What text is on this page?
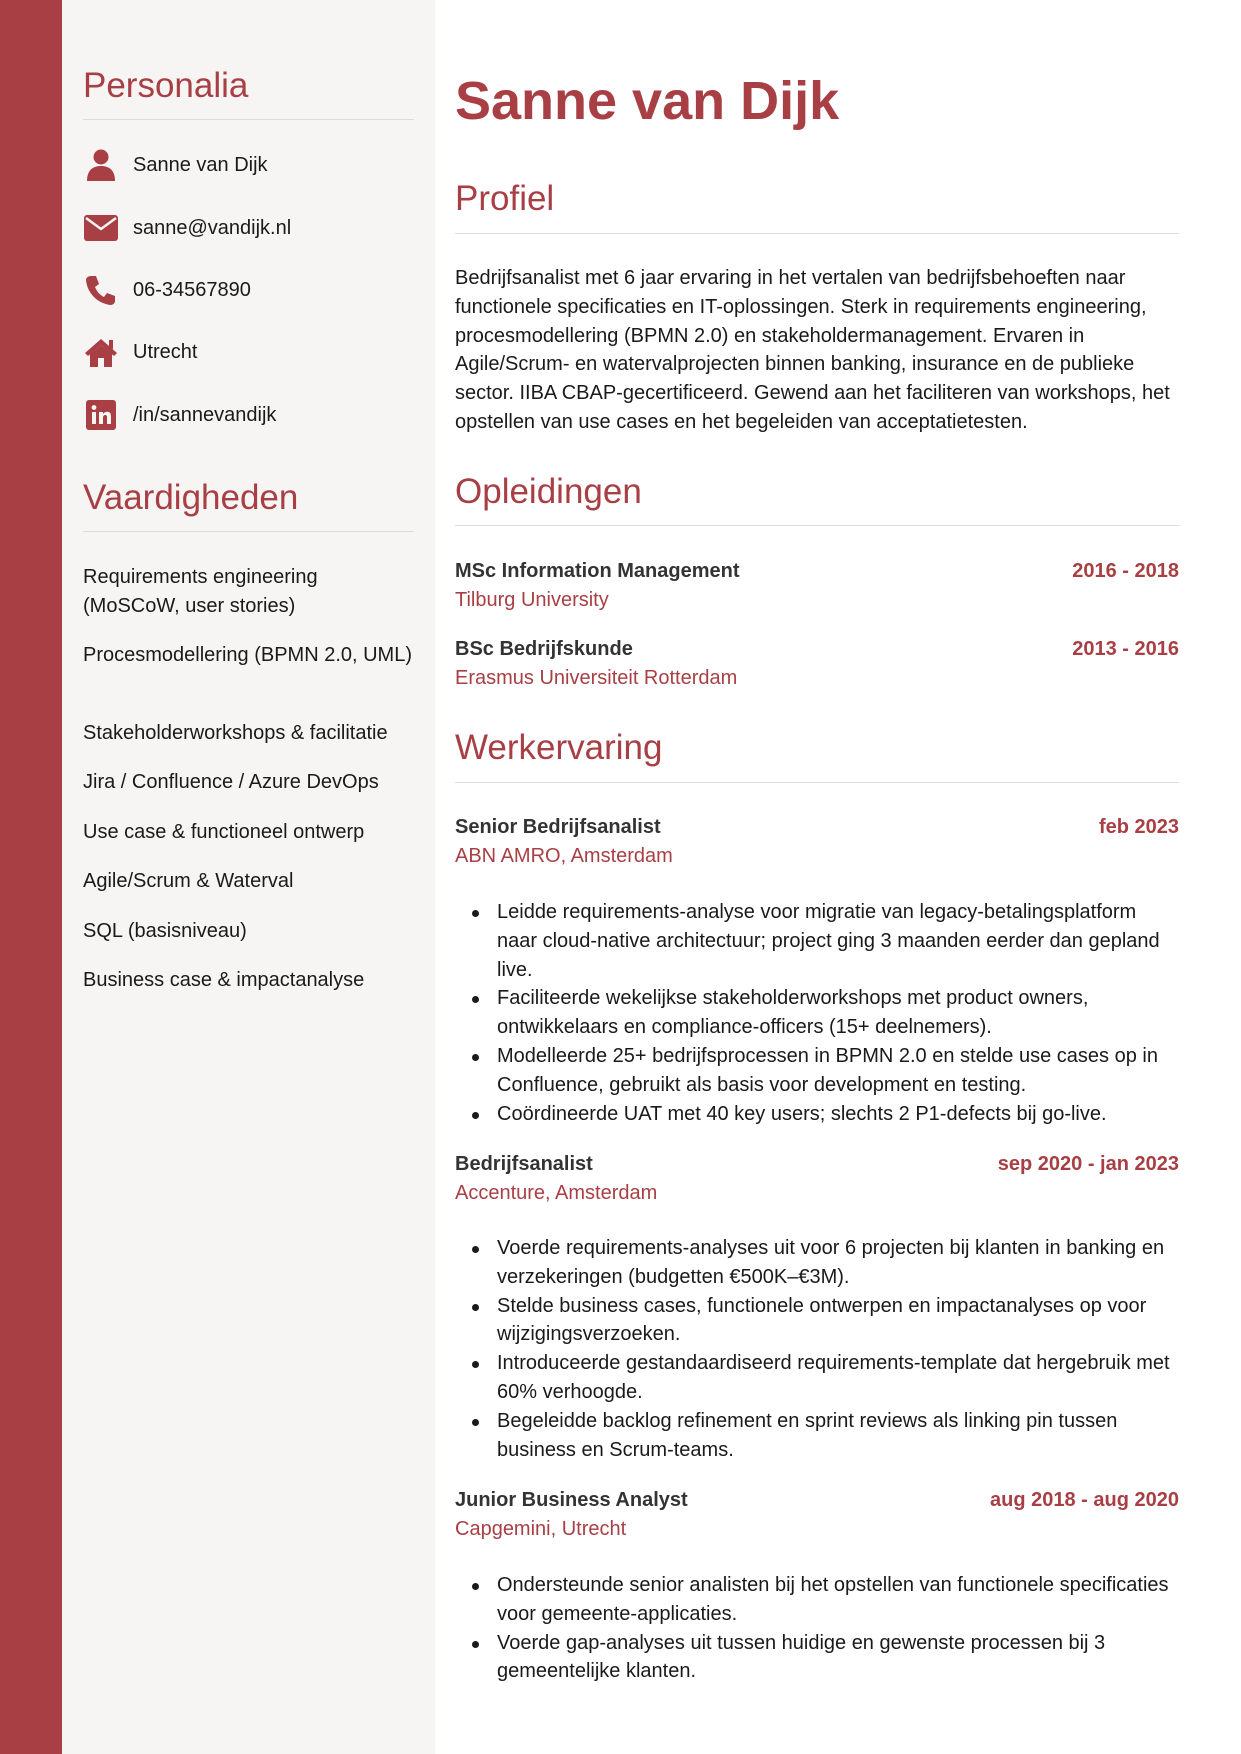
Personalia
Sanne van Dijk
sanne@vandijk.nl
06-34567890
Utrecht
/in/sannevandijk
Vaardigheden
Requirements engineering (MoSCoW, user stories)
Procesmodellering (BPMN 2.0, UML)
Stakeholderworkshops & facilitatie
Jira / Confluence / Azure DevOps
Use case & functioneel ontwerp
Agile/Scrum & Waterval
SQL (basisniveau)
Business case & impactanalyse
Sanne van Dijk
Profiel
Bedrijfsanalist met 6 jaar ervaring in het vertalen van bedrijfsbehoeften naar functionele specificaties en IT-oplossingen. Sterk in requirements engineering, procesmodellering (BPMN 2.0) en stakeholdermanagement. Ervaren in Agile/Scrum- en watervalprojecten binnen banking, insurance en de publieke sector. IIBA CBAP-gecertificeerd. Gewend aan het faciliteren van workshops, het opstellen van use cases en het begeleiden van acceptatietesten.
Opleidingen
MSc Information Management	2016 - 2018
Tilburg University
BSc Bedrijfskunde	2013 - 2016
Erasmus Universiteit Rotterdam
Werkervaring
Senior Bedrijfsanalist	feb 2023
ABN AMRO, Amsterdam
Leidde requirements-analyse voor migratie van legacy-betalingsplatform naar cloud-native architectuur; project ging 3 maanden eerder dan gepland live.
Faciliteerde wekelijkse stakeholderworkshops met product owners, ontwikkelaars en compliance-officers (15+ deelnemers).
Modelleerde 25+ bedrijfsprocessen in BPMN 2.0 en stelde use cases op in Confluence, gebruikt als basis voor development en testing.
Coördineerde UAT met 40 key users; slechts 2 P1-defects bij go-live.
Bedrijfsanalist	sep 2020 - jan 2023
Accenture, Amsterdam
Voerde requirements-analyses uit voor 6 projecten bij klanten in banking en verzekeringen (budgetten €500K–€3M).
Stelde business cases, functionele ontwerpen en impactanalyses op voor wijzigingsverzoeken.
Introduceerde gestandaardiseerd requirements-template dat hergebruik met 60% verhoogde.
Begeleidde backlog refinement en sprint reviews als linking pin tussen business en Scrum-teams.
Junior Business Analyst	aug 2018 - aug 2020
Capgemini, Utrecht
Ondersteunde senior analisten bij het opstellen van functionele specificaties voor gemeente-applicaties.
Voerde gap-analyses uit tussen huidige en gewenste processen bij 3 gemeentelijke klanten.
